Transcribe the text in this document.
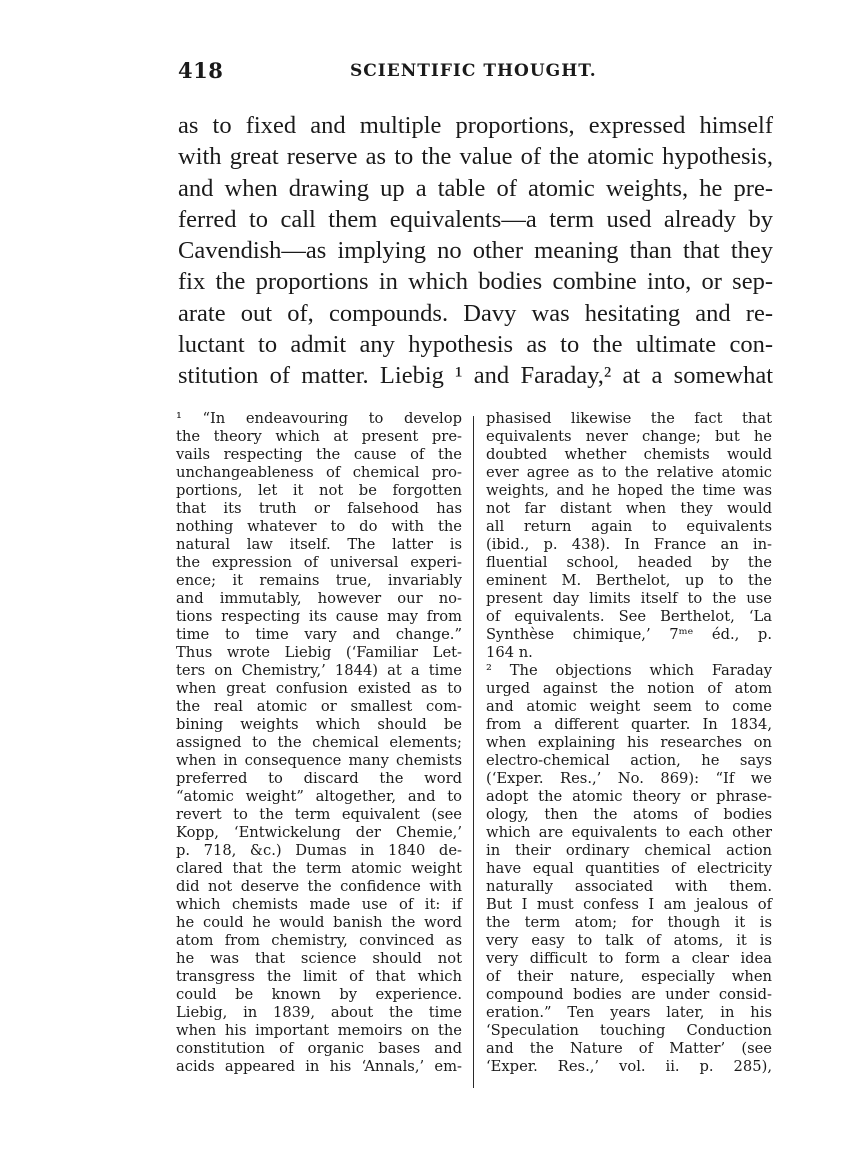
418	SCIENTIFIC THOUGHT.
as to fixed and multiple proportions, expressed himself
with great reserve as to the value of the atomic hypothesis,
and when drawing up a table of atomic weights, he pre-
ferred to call them equivalents—a term used already by
Cavendish—as implying no other meaning than that they
fix the proportions in which bodies combine into, or sep-
arate out of, compounds. Davy was hesitating and re-
luctant to admit any hypothesis as to the ultimate con-
stitution of matter. Liebig ¹ and Faraday,² at a somewhat
¹ “In endeavouring to develop
the theory which at present pre-
vails respecting the cause of the
unchangeableness of chemical pro-
portions, let it not be forgotten
that its truth or falsehood has
nothing whatever to do with the
natural law itself. The latter is
the expression of universal experi-
ence; it remains true, invariably
and immutably, however our no-
tions respecting its cause may from
time to time vary and change.”
Thus wrote Liebig (‘Familiar Let-
ters on Chemistry,’ 1844) at a time
when great confusion existed as to
the real atomic or smallest com-
bining weights which should be
assigned to the chemical elements;
when in consequence many chemists
preferred to discard the word
“atomic weight” altogether, and to
revert to the term equivalent (see
Kopp, ‘Entwickelung der Chemie,’
p. 718, &c.) Dumas in 1840 de-
clared that the term atomic weight
did not deserve the confidence with
which chemists made use of it: if
he could he would banish the word
atom from chemistry, convinced as
he was that science should not
transgress the limit of that which
could be known by experience.
Liebig, in 1839, about the time
when his important memoirs on the
constitution of organic bases and
acids appeared in his ‘Annals,’ em-
phasised likewise the fact that
equivalents never change; but he
doubted whether chemists would
ever agree as to the relative atomic
weights, and he hoped the time was
not far distant when they would
all return again to equivalents
(ibid., p. 438). In France an in-
fluential school, headed by the
eminent M. Berthelot, up to the
present day limits itself to the use
of equivalents. See Berthelot, ‘La
Synthèse chimique,’ 7ᵐᵉ éd., p.
164 n.
² The objections which Faraday
urged against the notion of atom
and atomic weight seem to come
from a different quarter. In 1834,
when explaining his researches on
electro-chemical action, he says
(‘Exper. Res.,’ No. 869): “If we
adopt the atomic theory or phrase-
ology, then the atoms of bodies
which are equivalents to each other
in their ordinary chemical action
have equal quantities of electricity
naturally associated with them.
But I must confess I am jealous of
the term atom; for though it is
very easy to talk of atoms, it is
very difficult to form a clear idea
of their nature, especially when
compound bodies are under consid-
eration.” Ten years later, in his
‘Speculation touching Conduction
and the Nature of Matter’ (see
‘Exper. Res.,’ vol. ii. p. 285),
